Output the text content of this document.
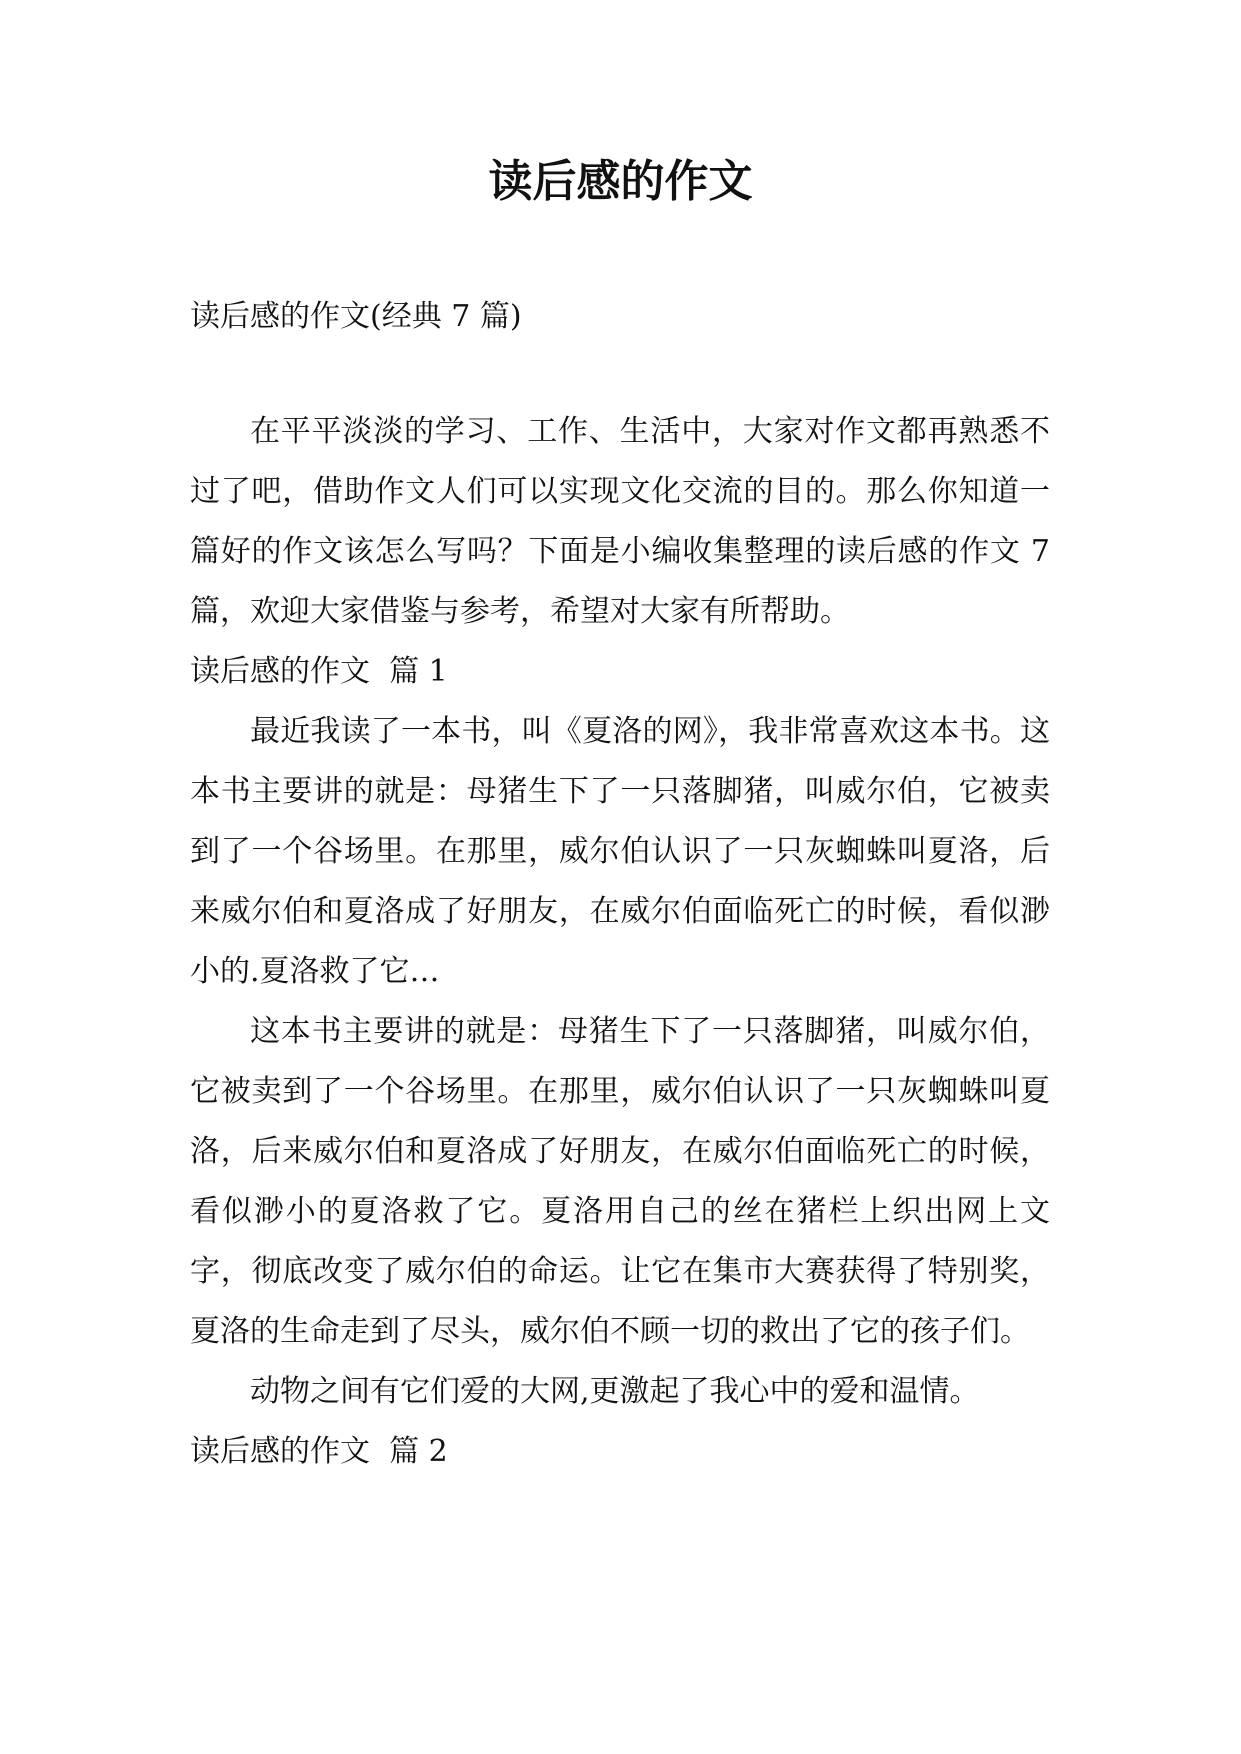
读后感的作文

读后感的作文(经典 7 篇)

在平平淡淡的学习、工作、生活中，大家对作文都再熟悉不过了吧，借助作文人们可以实现文化交流的目的。那么你知道一篇好的作文该怎么写吗？下面是小编收集整理的读后感的作文 7 篇，欢迎大家借鉴与参考，希望对大家有所帮助。

读后感的作文  篇 1

最近我读了一本书，叫《夏洛的网》，我非常喜欢这本书。这本书主要讲的就是：母猪生下了一只落脚猪，叫威尔伯，它被卖到了一个谷场里。在那里，威尔伯认识了一只灰蜘蛛叫夏洛，后来威尔伯和夏洛成了好朋友，在威尔伯面临死亡的时候，看似渺小的.夏洛救了它…

这本书主要讲的就是：母猪生下了一只落脚猪，叫威尔伯，它被卖到了一个谷场里。在那里，威尔伯认识了一只灰蜘蛛叫夏洛，后来威尔伯和夏洛成了好朋友，在威尔伯面临死亡的时候，看似渺小的夏洛救了它。夏洛用自己的丝在猪栏上织出网上文字，彻底改变了威尔伯的命运。让它在集市大赛获得了特别奖，夏洛的生命走到了尽头，威尔伯不顾一切的救出了它的孩子们。

动物之间有它们爱的大网,更激起了我心中的爱和温情。

读后感的作文  篇 2
